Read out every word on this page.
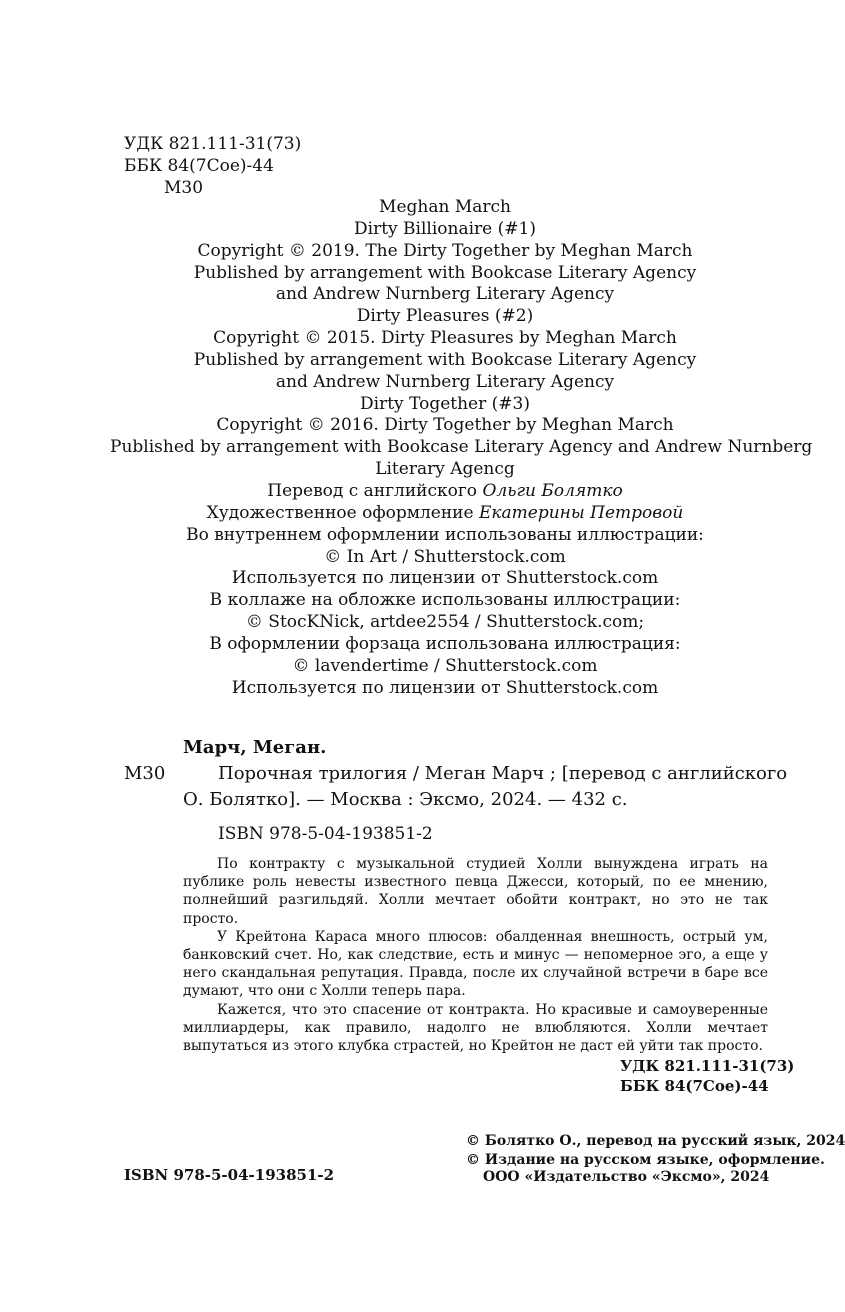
УДК 821.111-31(73)
ББК 84(7Сое)-44
М30
Meghan March
Dirty Billionaire (#1)
Copyright © 2019. The Dirty Together by Meghan March
Published by arrangement with Bookcase Literary Agency
and Andrew Nurnberg Literary Agency
Dirty Pleasures (#2)
Copyright © 2015. Dirty Pleasures by Meghan March
Published by arrangement with Bookcase Literary Agency
and Andrew Nurnberg Literary Agency
Dirty Together (#3)
Copyright © 2016. Dirty Together by Meghan March
Published by arrangement with Bookcase Literary Agency and Andrew Nurnberg
Literary Agencg
Перевод с английского Ольги Болятко
Художественное оформление Екатерины Петровой
Во внутреннем оформлении использованы иллюстрации:
© In Art / Shutterstock.com
Используется по лицензии от Shutterstock.com
В коллаже на обложке использованы иллюстрации:
© StocKNick, artdee2554 / Shutterstock.com;
В оформлении форзаца использована иллюстрация:
© lavendertime / Shutterstock.com
Используется по лицензии от Shutterstock.com
Марч, Меган.
М30	Порочная трилогия / Меган Марч ; [перевод с английского
О. Болятко]. — Москва : Эксмо, 2024. — 432 с.
ISBN 978-5-04-193851-2

По контракту с музыкальной студией Холли вынуждена играть на публике роль невесты известного певца Джесси, который, по ее мнению, полнейший разгильдяй. Холли мечтает обойти контракт, но это не так просто.

У Крейтона Караса много плюсов: обалденная внешность, острый ум, банковский счет. Но, как следствие, есть и минус — непомерное эго, а еще у него скандальная репутация. Правда, после их случайной встречи в баре все думают, что они с Холли теперь пара.

Кажется, что это спасение от контракта. Но красивые и самоуверенные миллиардеры, как правило, надолго не влюбляются. Холли мечтает выпутаться из этого клубка страстей, но Крейтон не даст ей уйти так просто.

УДК 821.111-31(73)
ББК 84(7Сое)-44
ISBN 978-5-04-193851-2
© Болятко О., перевод на русский язык, 2024
© Издание на русском языке, оформление.
ООО «Издательство «Эксмо», 2024
